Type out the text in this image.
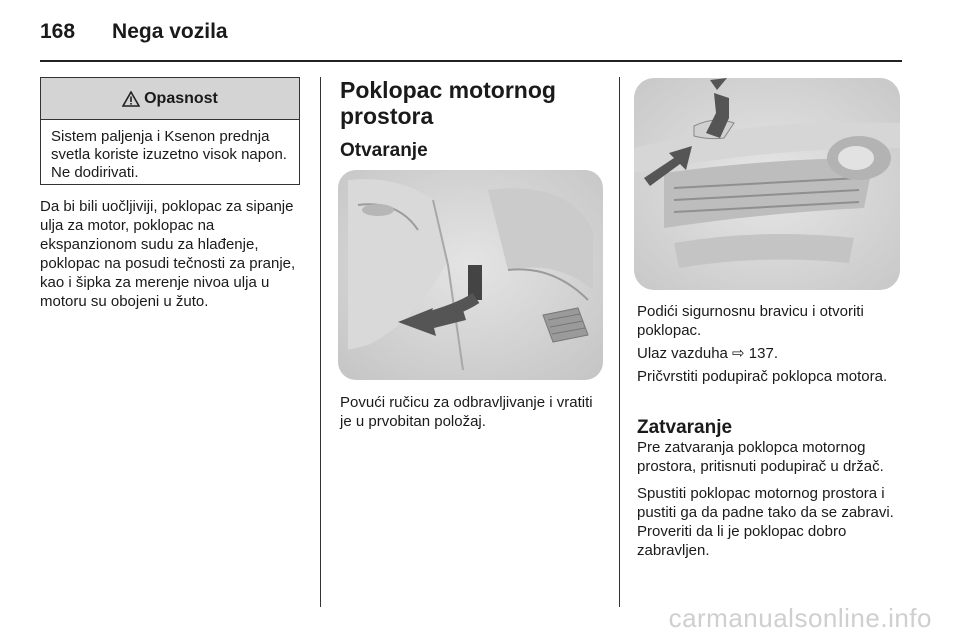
168 Nega vozila
Opasnost
Sistem paljenja i Ksenon prednja svetla koriste izuzetno visok napon. Ne dodirivati.

Da bi bili uočljiviji, poklopac za sipanje ulja za motor, poklopac na ekspanzionom sudu za hlađenje, poklopac na posudi tečnosti za pranje, kao i šipka za merenje nivoa ulja u motoru su obojeni u žuto.

Poklopac motornog prostora
Otvaranje

Povući ručicu za odbravljivanje i vratiti je u prvobitan položaj.

Podići sigurnosnu bravicu i otvoriti poklopac.

Ulaz vazduha ⇨ 137.

Pričvrstiti podupirač poklopca motora.

Zatvaranje

Pre zatvaranja poklopca motornog prostora, pritisnuti podupirač u držač.

Spustiti poklopac motornog prostora i pustiti ga da padne tako da se zabravi. Proveriti da li je poklopac dobro zabravljen.

carmanualsonline.info
